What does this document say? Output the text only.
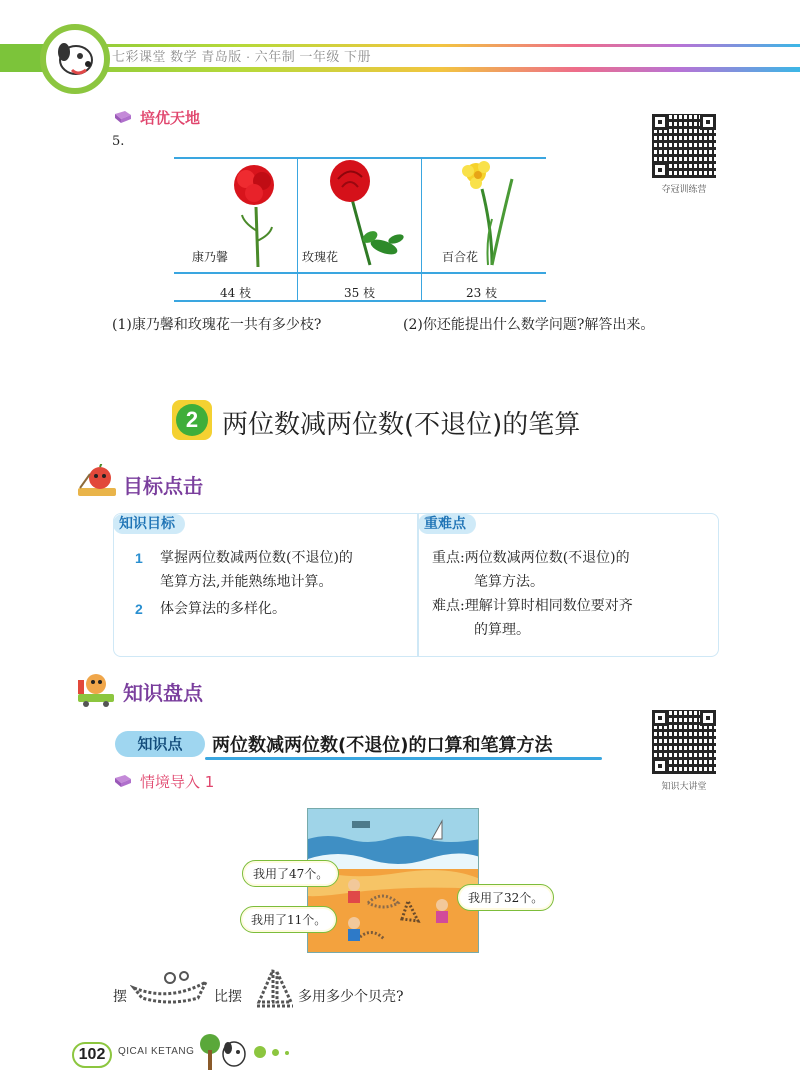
七彩课堂 数学 青岛版 · 六年制 一年级 下册
培优天地
5.
夺冠训练营
康乃馨
44 枝
玫瑰花
35 枝
百合花
23 枝
(1)康乃馨和玫瑰花一共有多少枝?	(2)你还能提出什么数学问题?解答出来。
2 两位数减两位数(不退位)的笔算
目标点击
知识目标	重难点
1 掌握两位数减两位数(不退位)的
笔算方法,并能熟练地计算。
2 体会算法的多样化。
重点:两位数减两位数(不退位)的
笔算方法。
难点:理解计算时相同数位要对齐
的算理。
知识盘点
知识点	两位数减两位数(不退位)的口算和笔算方法
知识大讲堂
情境导入 1
我用了47个。
我用了11个。
我用了32个。
摆	比摆	多用多少个贝壳?
102	QICAI KETANG
